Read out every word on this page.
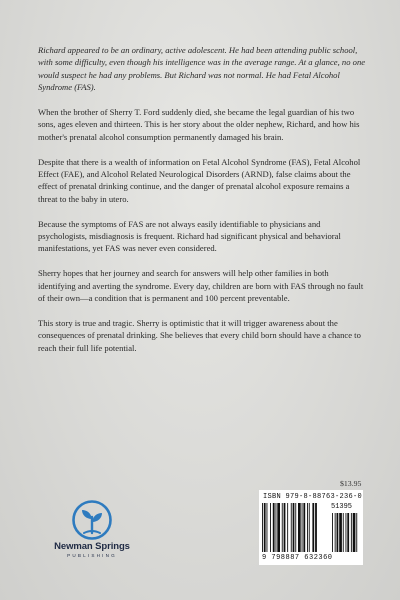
Richard appeared to be an ordinary, active adolescent. He had been attending public school, with some difficulty, even though his intelligence was in the average range. At a glance, no one would suspect he had any problems. But Richard was not normal. He had Fetal Alcohol Syndrome (FAS).

When the brother of Sherry T. Ford suddenly died, she became the legal guardian of his two sons, ages eleven and thirteen. This is her story about the older nephew, Richard, and how his mother's prenatal alcohol consumption permanently damaged his brain.

Despite that there is a wealth of information on Fetal Alcohol Syndrome (FAS), Fetal Alcohol Effect (FAE), and Alcohol Related Neurological Disorders (ARND), false claims about the effect of prenatal drinking continue, and the danger of prenatal alcohol exposure remains a threat to the baby in utero.

Because the symptoms of FAS are not always easily identifiable to physicians and psychologists, misdiagnosis is frequent. Richard had significant physical and behavioral manifestations, yet FAS was never even considered.

Sherry hopes that her journey and search for answers will help other families in both identifying and averting the syndrome. Every day, children are born with FAS through no fault of their own—a condition that is permanent and 100 percent preventable.

This story is true and tragic. Sherry is optimistic that it will trigger awareness about the consequences of prenatal drinking. She believes that every child born should have a chance to reach their full life potential.

$13.95
ISBN 979-8-88763-236-0
51395
9 798887 632360
Newman Springs
PUBLISHING
